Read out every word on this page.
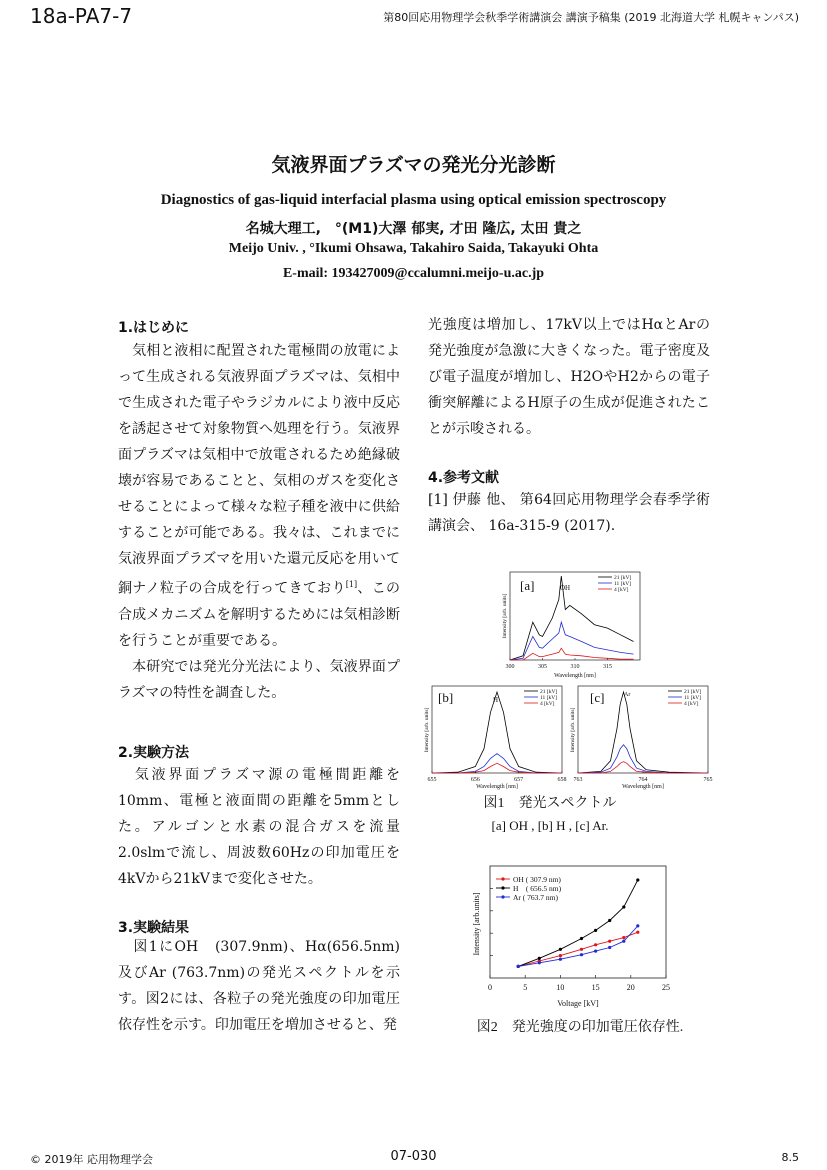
18a-PA7-7	第80回応用物理学会秋季学術講演会 講演予稿集 (2019 北海道大学 札幌キャンパス)
気液界面プラズマの発光分光診断
Diagnostics of gas-liquid interfacial plasma using optical emission spectroscopy
名城大理工,　°(M1)大澤 郁実, 才田 隆広, 太田 貴之
Meijo Univ. , °Ikumi Ohsawa, Takahiro Saida, Takayuki Ohta
E-mail: 193427009@ccalumni.meijo-u.ac.jp
1.はじめに
　気相と液相に配置された電極間の放電によって生成される気液界面プラズマは、気相中で生成された電子やラジカルにより液中反応を誘起させて対象物質へ処理を行う。気液界面プラズマは気相中で放電されるため絶縁破壊が容易であることと、気相のガスを変化させることによって様々な粒子種を液中に供給することが可能である。我々は、これまでに気液界面プラズマを用いた還元反応を用いて銅ナノ粒子の合成を行ってきており[1]、この合成メカニズムを解明するためには気相診断を行うことが重要である。
　本研究では発光分光法により、気液界面プラズマの特性を調査した。
2.実験方法
　気液界面プラズマ源の電極間距離を10mm、電極と液面間の距離を5mmとした。アルゴンと水素の混合ガスを流量2.0slmで流し、周波数60Hzの印加電圧を4kVから21kVまで変化させた。
3.実験結果
　図1にOH　(307.9nm)、Hα(656.5nm)及びAr (763.7nm)の発光スペクトルを示す。図2には、各粒子の発光強度の印加電圧依存性を示す。印加電圧を増加させると、発
光強度は増加し、17kV以上ではHαとArの発光強度が急激に大きくなった。電子密度及び電子温度が増加し、H2OやH2からの電子衝突解離によるH原子の生成が促進されたことが示唆される。
4.参考文献
[1] 伊藤 他、 第64回応用物理学会春季学術講演会、 16a-315-9 (2017).
[a]	OH
21 [kV]
11 [kV]
4 [kV]
300	305	310	315
Wavelength [nm]
Intensity [arb. units]
[b]	H
21 [kV]
11 [kV]
4 [kV]
655	656	657	658
Wavelength [nm]
Intensity [arb. units]
[c]	Ar	21 [kV]
11 [kV]
4 [kV]
763	764	765
Wavelength [nm]
Intensity [arb. units]
図1　発光スペクトル
[a] OH , [b] H , [c] Ar.
OH ( 307.9 nm)
H　( 656.5 nm)
Ar ( 763.7 nm)
0	5	10	15	20	25
Voltage [kV]
Intensity [arb.units]
図2　発光強度の印加電圧依存性.
© 2019年 応用物理学会	07-030	8.5
